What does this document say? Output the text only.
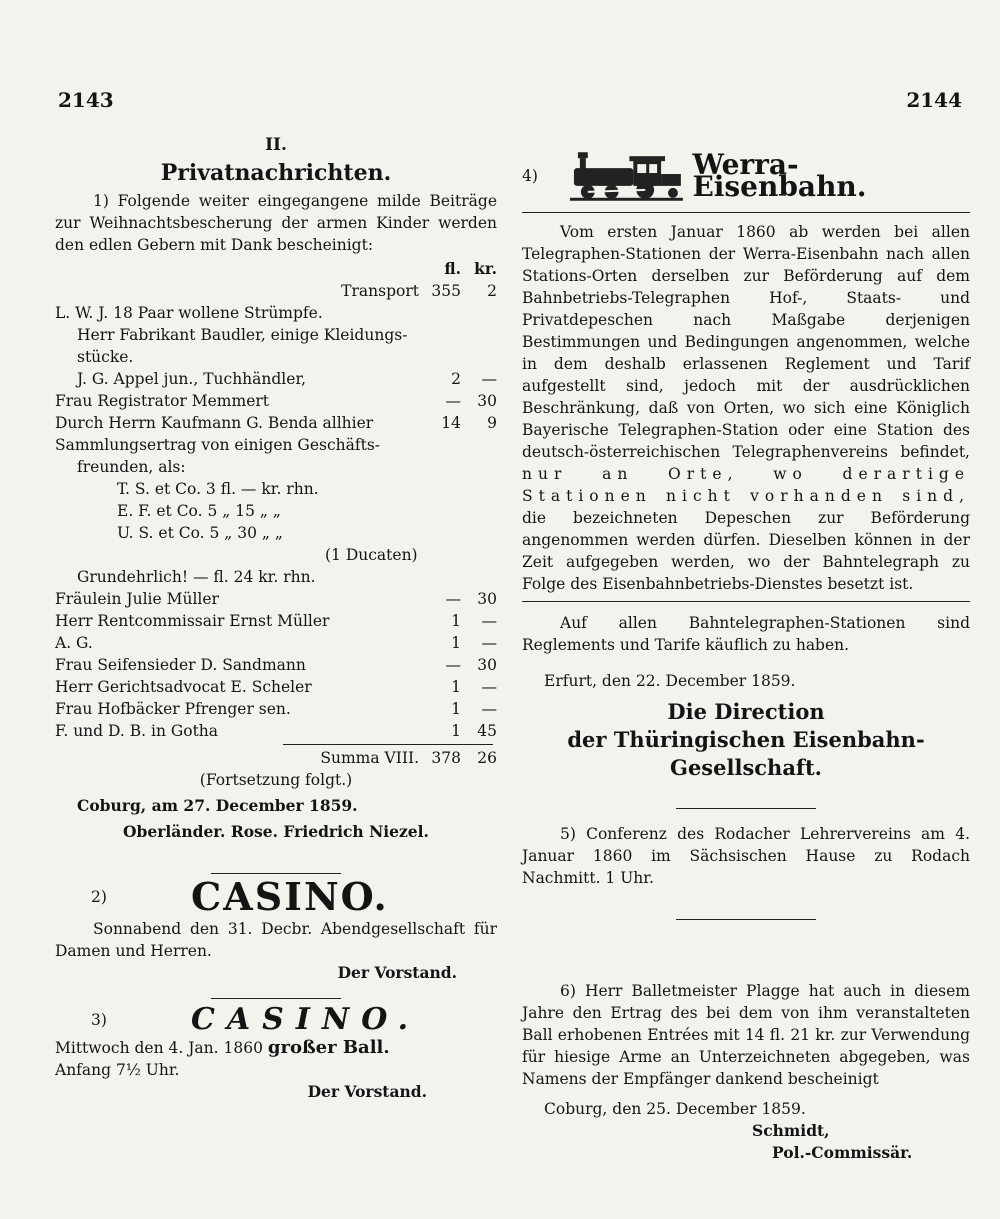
2143	2144

II.

Privatnachrichten.

1) Folgende weiter eingegangene milde Beiträge zur Weihnachtsbescherung der armen Kinder werden den edlen Gebern mit Dank bescheinigt:

fl. kr.
Transport 355	2
L. W. J. 18 Paar wollene Strümpfe.
Herr Fabrikant Baudler, einige Kleidungs-
stücke.
J. G. Appel jun., Tuchhändler,	2	—
Frau Registrator Memmert	—	30
Durch Herrn Kaufmann G. Benda allhier	14	9
Sammlungsertrag von einigen Geschäfts-
freunden, als:
T. S. et Co. 3 fl. — kr. rhn.
E. F. et Co. 5 „ 15 „ „
U. S. et Co. 5 „ 30 „ „
(1 Ducaten)
Grundehrlich! — fl. 24 kr. rhn.
Fräulein Julie Müller	—	30
Herr Rentcommissair Ernst Müller	1	—
A. G.	1	—
Frau Seifensieder D. Sandmann	—	30
Herr Gerichtsadvocat E. Scheler	1	—
Frau Hofbäcker Pfrenger sen.	1	—
F. und D. B. in Gotha	1	45
Summa VIII. 378	26
(Fortsetzung folgt.)
Coburg, am 27. December 1859.
Oberländer. Rose. Friedrich Niezel.
2)	CASINO.

Sonnabend den 31. Decbr. Abendgesellschaft für Damen und Herren.

Der Vorstand.
3)	CASINO.
Mittwoch den 4. Jan. 1860 großer Ball.
Anfang 7½ Uhr.
Der Vorstand.
4)	Werra-Eisenbahn.

Vom ersten Januar 1860 ab werden bei allen Telegraphen-Stationen der Werra-Eisenbahn nach allen Stations-Orten derselben zur Beförderung auf dem Bahnbetriebs-Telegraphen Hof-, Staats- und Privatdepeschen nach Maßgabe derjenigen Bestimmungen und Bedingungen angenommen, welche in dem deshalb erlassenen Reglement und Tarif aufgestellt sind, jedoch mit der ausdrücklichen Beschränkung, daß von Orten, wo sich eine Königlich Bayerische Telegraphen-Station oder eine Station des deutsch-österreichischen Telegraphenvereins befindet, nur an Orte, wo derartige Stationen nicht vorhanden sind, die bezeichneten Depeschen zur Beförderung angenommen werden dürfen. Dieselben können in der Zeit aufgegeben werden, wo der Bahntelegraph zu Folge des Eisenbahnbetriebs-Dienstes besetzt ist.

Auf allen Bahntelegraphen-Stationen sind Reglements und Tarife käuflich zu haben.

Erfurt, den 22. December 1859.
Die Direction
der Thüringischen Eisenbahn-
Gesellschaft.

5) Conferenz des Rodacher Lehrervereins am 4. Januar 1860 im Sächsischen Hause zu Rodach Nachmitt. 1 Uhr.

6) Herr Balletmeister Plagge hat auch in diesem Jahre den Ertrag des bei dem von ihm veranstalteten Ball erhobenen Entrées mit 14 fl. 21 kr. zur Verwendung für hiesige Arme an Unterzeichneten abgegeben, was Namens der Empfänger dankend bescheinigt

Coburg, den 25. December 1859.
Schmidt,
Pol.-Commissär.
